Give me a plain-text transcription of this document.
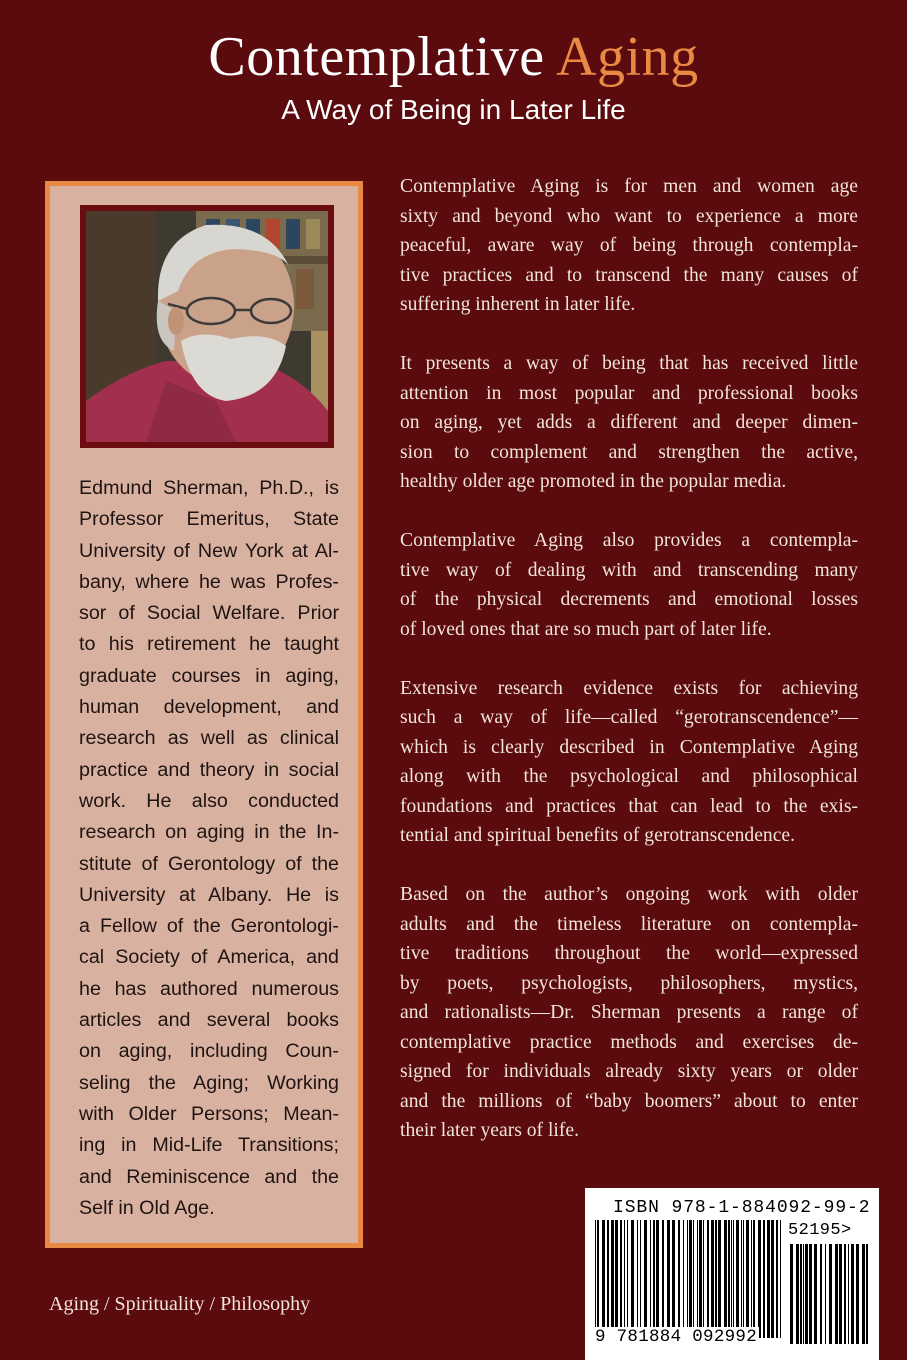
Contemplative Aging
A Way of Being in Later Life
Edmund Sherman, Ph.D., is
Professor Emeritus, State
University of New York at Al-
bany, where he was Profes-
sor of Social Welfare. Prior
to his retirement he taught
graduate courses in aging,
human development, and
research as well as clinical
practice and theory in social
work. He also conducted
research on aging in the In-
stitute of Gerontology of the
University at Albany. He is
a Fellow of the Gerontologi-
cal Society of America, and
he has authored numerous
articles and several books
on aging, including Coun-
seling the Aging; Working
with Older Persons; Mean-
ing in Mid-Life Transitions;
and Reminiscence and the
Self in Old Age.

Contemplative Aging is for men and women age
sixty and beyond who want to experience a more
peaceful, aware way of being through contempla-
tive practices and to transcend the many causes of
suffering inherent in later life.

It presents a way of being that has received little
attention in most popular and professional books
on aging, yet adds a different and deeper dimen-
sion to complement and strengthen the active,
healthy older age promoted in the popular media.

Contemplative Aging also provides a contempla-
tive way of dealing with and transcending many
of the physical decrements and emotional losses
of loved ones that are so much part of later life.

Extensive research evidence exists for achieving
such a way of life—called “gerotranscendence”—
which is clearly described in Contemplative Aging
along with the psychological and philosophical
foundations and practices that can lead to the exis-
tential and spiritual benefits of gerotranscendence.

Based on the author’s ongoing work with older
adults and the timeless literature on contempla-
tive traditions throughout the world—expressed
by poets, psychologists, philosophers, mystics,
and rationalists—Dr. Sherman presents a range of
contemplative practice methods and exercises de-
signed for individuals already sixty years or older
and the millions of “baby boomers” about to enter
their later years of life.

Aging / Spirituality / Philosophy
ISBN 978-1-884092-99-2
52195>
9 781884 092992
